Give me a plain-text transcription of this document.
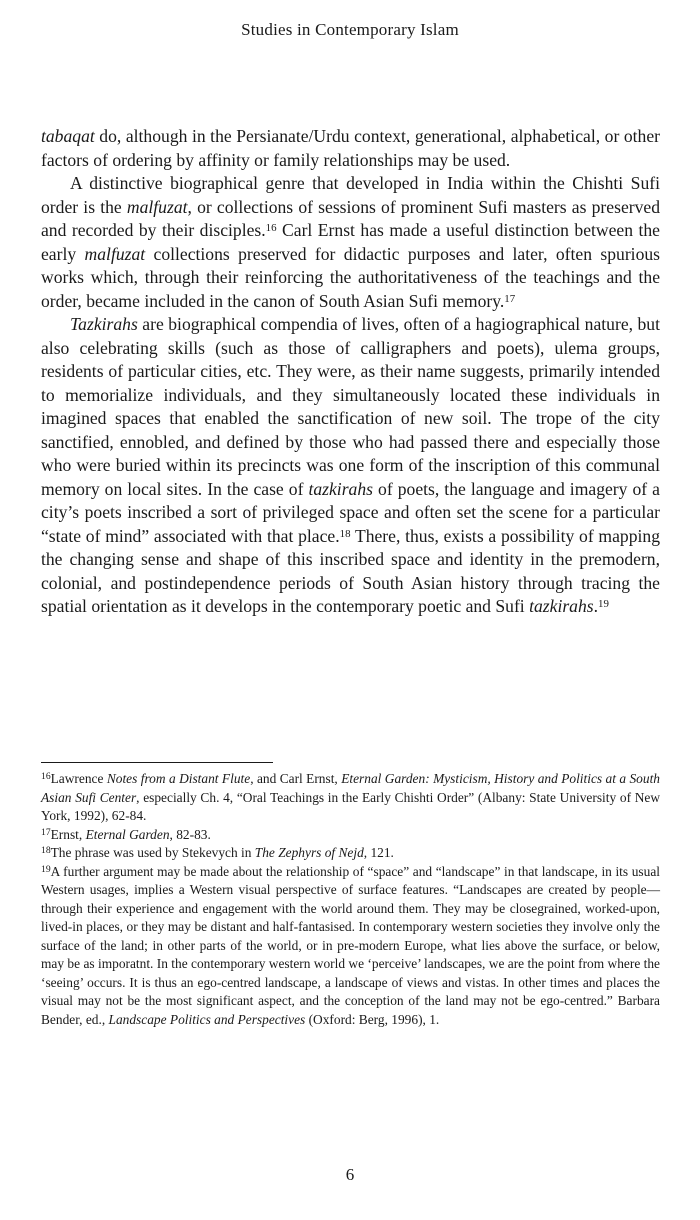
Studies in Contemporary Islam

tabaqat do, although in the Persianate/Urdu context, generational, alphabetical, or other factors of ordering by affinity or family relationships may be used.

A distinctive biographical genre that developed in India within the Chishti Sufi order is the malfuzat, or collections of sessions of prominent Sufi masters as preserved and recorded by their disciples.$^{16}$ Carl Ernst has made a useful distinction between the early malfuzat collections preserved for didactic purposes and later, often spurious works which, through their reinforcing the authoritativeness of the teachings and the order, became included in the canon of South Asian Sufi memory.$^{17}$

Tazkirahs are biographical compendia of lives, often of a hagiographical nature, but also celebrating skills (such as those of calligraphers and poets), ulema groups, residents of particular cities, etc. They were, as their name suggests, primarily intended to memorialize individuals, and they simultaneously located these individuals in imagined spaces that enabled the sanctification of new soil. The trope of the city sanctified, ennobled, and defined by those who had passed there and especially those who were buried within its precincts was one form of the inscription of this communal memory on local sites. In the case of tazkirahs of poets, the language and imagery of a city’s poets inscribed a sort of privileged space and often set the scene for a particular “state of mind” associated with that place.$^{18}$ There, thus, exists a possibility of mapping the changing sense and shape of this inscribed space and identity in the premodern, colonial, and postindependence periods of South Asian history through tracing the spatial orientation as it develops in the contemporary poetic and Sufi tazkirahs.$^{19}$

$^{16}$Lawrence Notes from a Distant Flute, and Carl Ernst, Eternal Garden: Mysticism, History and Politics at a South Asian Sufi Center, especially Ch. 4, “Oral Teachings in the Early Chishti Order” (Albany: State University of New York, 1992), 62-84.

$^{17}$Ernst, Eternal Garden, 82-83.

$^{18}$The phrase was used by Stekevych in The Zephyrs of Nejd, 121.

$^{19}$A further argument may be made about the relationship of “space” and “landscape” in that landscape, in its usual Western usages, implies a Western visual perspective of surface features. “Landscapes are created by people—through their experience and engagement with the world around them. They may be closegrained, worked-upon, lived-in places, or they may be distant and half-fantasised. In contemporary western societies they involve only the surface of the land; in other parts of the world, or in pre-modern Europe, what lies above the surface, or below, may be as imporatnt. In the contemporary western world we ‘perceive’ landscapes, we are the point from where the ‘seeing’ occurs. It is thus an ego-centred landscape, a landscape of views and vistas. In other times and places the visual may not be the most significant aspect, and the conception of the land may not be ego-centred.” Barbara Bender, ed., Landscape Politics and Perspectives (Oxford: Berg, 1996), 1.

6
